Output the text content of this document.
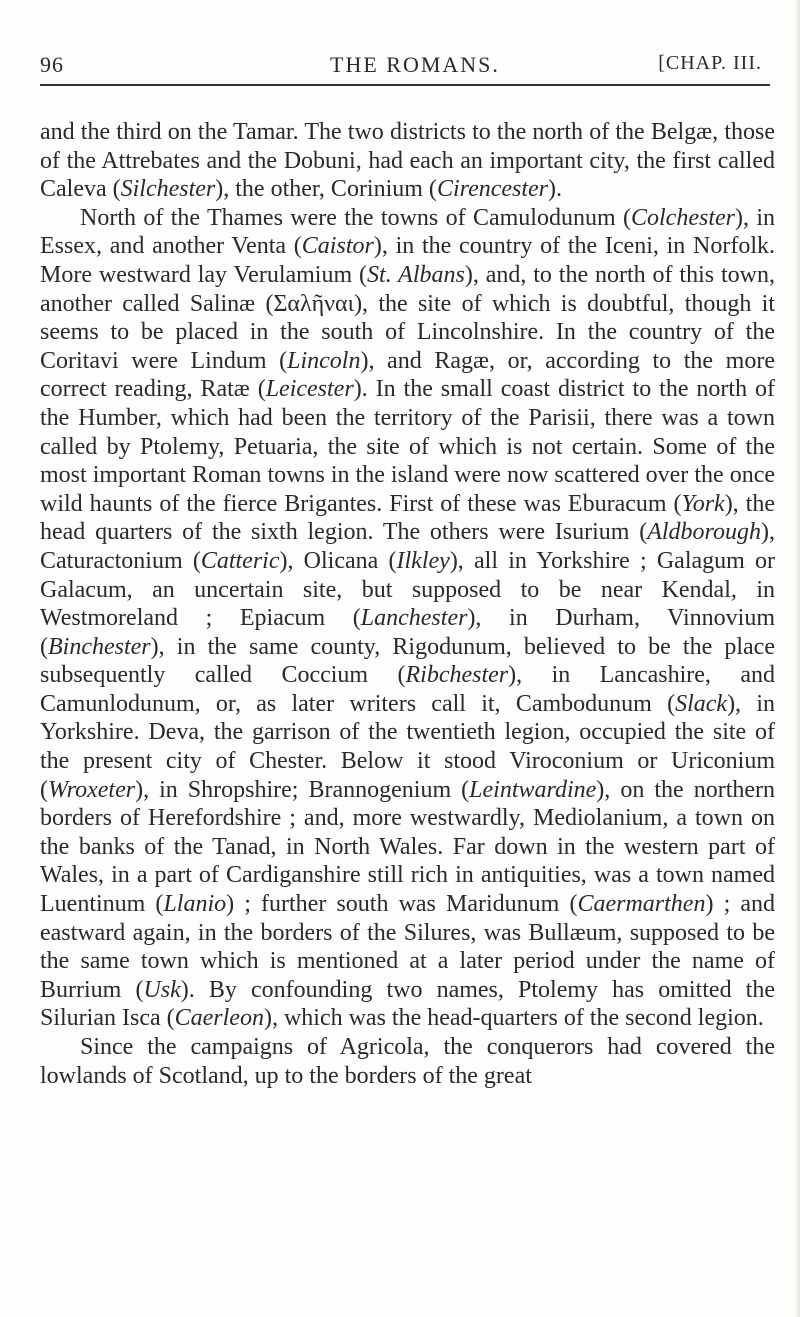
96	THE ROMANS.	[CHAP. III.

and the third on the Tamar. The two districts to the north of the Belgæ, those of the Attrebates and the Dobuni, had each an important city, the first called Caleva (Silchester), the other, Corinium (Cirencester).

North of the Thames were the towns of Camulodunum (Colchester), in Essex, and another Venta (Caistor), in the country of the Iceni, in Norfolk. More westward lay Verulamium (St. Albans), and, to the north of this town, another called Salinæ (Σαλῆναι), the site of which is doubtful, though it seems to be placed in the south of Lincolnshire. In the country of the Coritavi were Lindum (Lincoln), and Ragæ, or, according to the more correct reading, Ratæ (Leicester). In the small coast district to the north of the Humber, which had been the territory of the Parisii, there was a town called by Ptolemy, Petuaria, the site of which is not certain. Some of the most important Roman towns in the island were now scattered over the once wild haunts of the fierce Brigantes. First of these was Eburacum (York), the head quarters of the sixth legion. The others were Isurium (Aldborough), Caturactonium (Catteric), Olicana (Ilkley), all in Yorkshire ; Galagum or Galacum, an uncertain site, but supposed to be near Kendal, in Westmoreland ; Epiacum (Lanchester), in Durham, Vinnovium (Binchester), in the same county, Rigodunum, believed to be the place subsequently called Coccium (Ribchester), in Lancashire, and Camunlodunum, or, as later writers call it, Cambodunum (Slack), in Yorkshire. Deva, the garrison of the twentieth legion, occupied the site of the present city of Chester. Below it stood Viroconium or Uriconium (Wroxeter), in Shropshire; Brannogenium (Leintwardine), on the northern borders of Herefordshire ; and, more westwardly, Mediolanium, a town on the banks of the Tanad, in North Wales. Far down in the western part of Wales, in a part of Cardiganshire still rich in antiquities, was a town named Luentinum (Llanio) ; further south was Maridunum (Caermarthen) ; and eastward again, in the borders of the Silures, was Bullæum, supposed to be the same town which is mentioned at a later period under the name of Burrium (Usk). By confounding two names, Ptolemy has omitted the Silurian Isca (Caerleon), which was the head-quarters of the second legion.

Since the campaigns of Agricola, the conquerors had covered the lowlands of Scotland, up to the borders of the great
